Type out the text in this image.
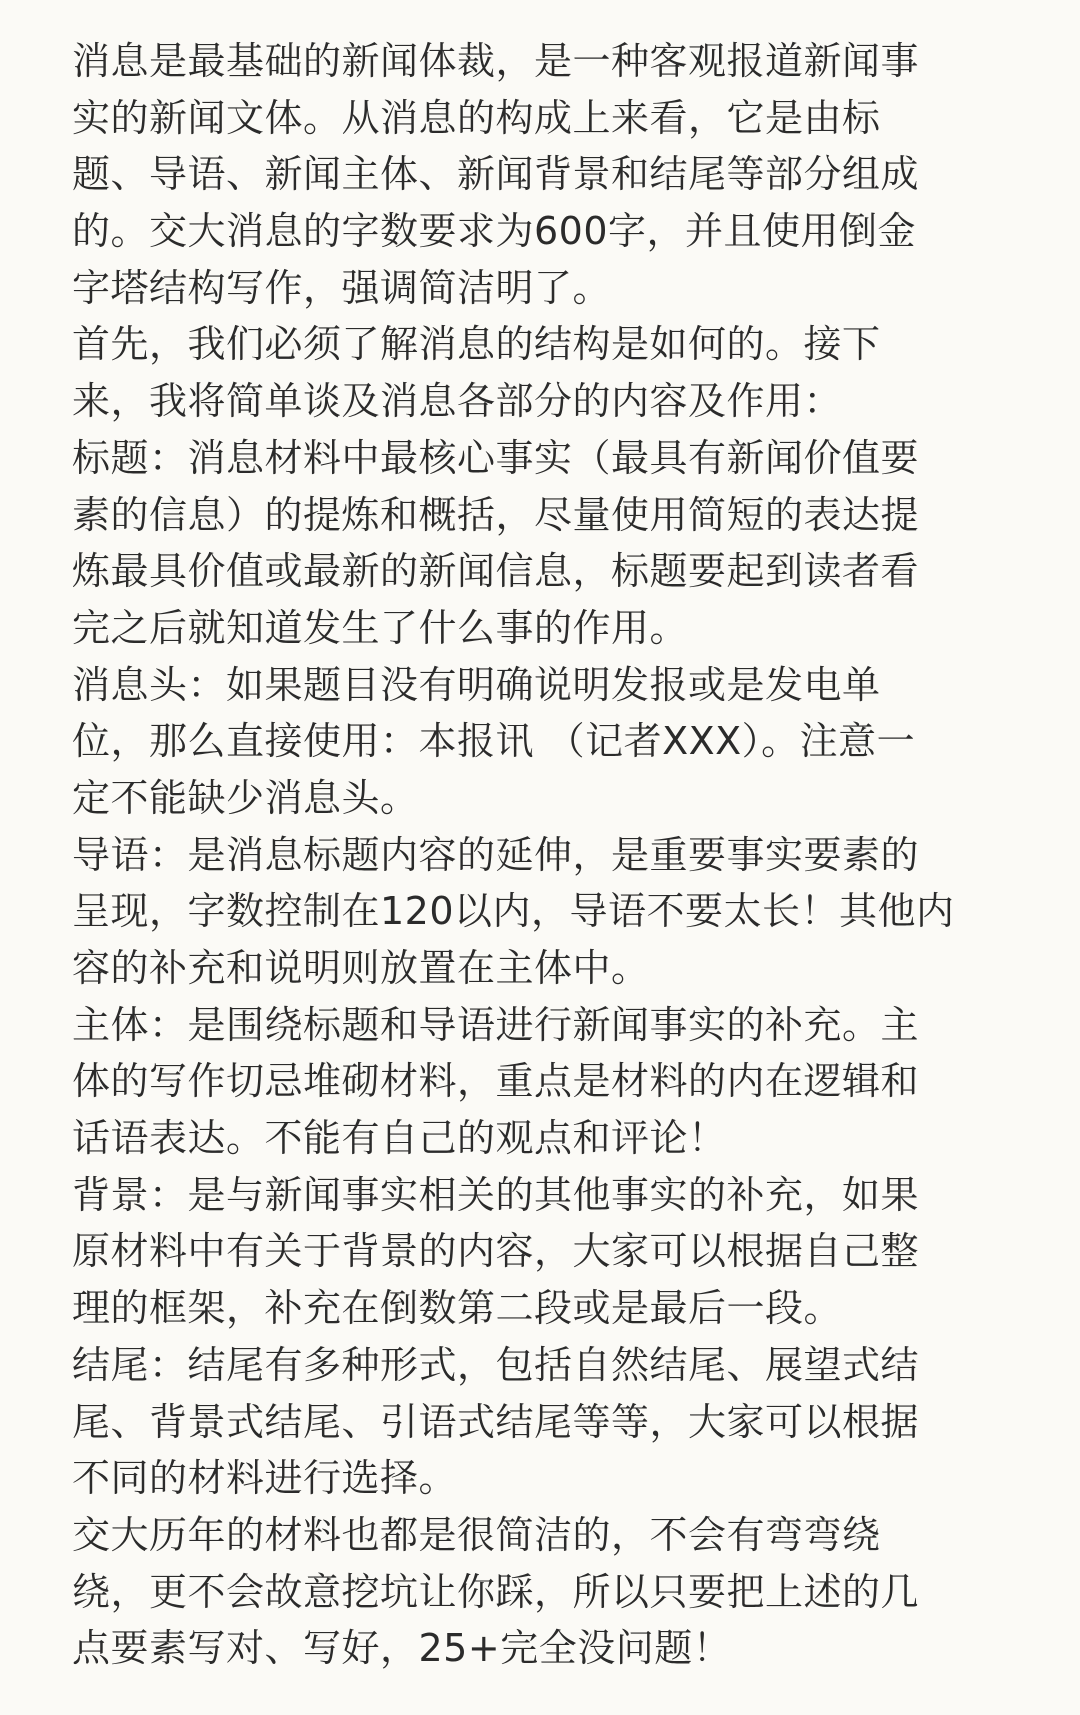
消息是最基础的新闻体裁，是一种客观报道新闻事
实的新闻文体。从消息的构成上来看，它是由标
题、导语、新闻主体、新闻背景和结尾等部分组成
的。交大消息的字数要求为600字，并且使用倒金
字塔结构写作，强调简洁明了。
首先，我们必须了解消息的结构是如何的。接下
来，我将简单谈及消息各部分的内容及作用：
标题：消息材料中最核心事实（最具有新闻价值要
素的信息）的提炼和概括，尽量使用简短的表达提
炼最具价值或最新的新闻信息，标题要起到读者看
完之后就知道发生了什么事的作用。
消息头：如果题目没有明确说明发报或是发电单
位，那么直接使用：本报讯 （记者XXX）。注意一
定不能缺少消息头。
导语：是消息标题内容的延伸，是重要事实要素的
呈现，字数控制在120以内，导语不要太长！其他内
容的补充和说明则放置在主体中。
主体：是围绕标题和导语进行新闻事实的补充。主
体的写作切忌堆砌材料，重点是材料的内在逻辑和
话语表达。不能有自己的观点和评论！
背景：是与新闻事实相关的其他事实的补充，如果
原材料中有关于背景的内容，大家可以根据自己整
理的框架，补充在倒数第二段或是最后一段。
结尾：结尾有多种形式，包括自然结尾、展望式结
尾、背景式结尾、引语式结尾等等，大家可以根据
不同的材料进行选择。
交大历年的材料也都是很简洁的，不会有弯弯绕
绕，更不会故意挖坑让你踩，所以只要把上述的几
点要素写对、写好，25+完全没问题！
